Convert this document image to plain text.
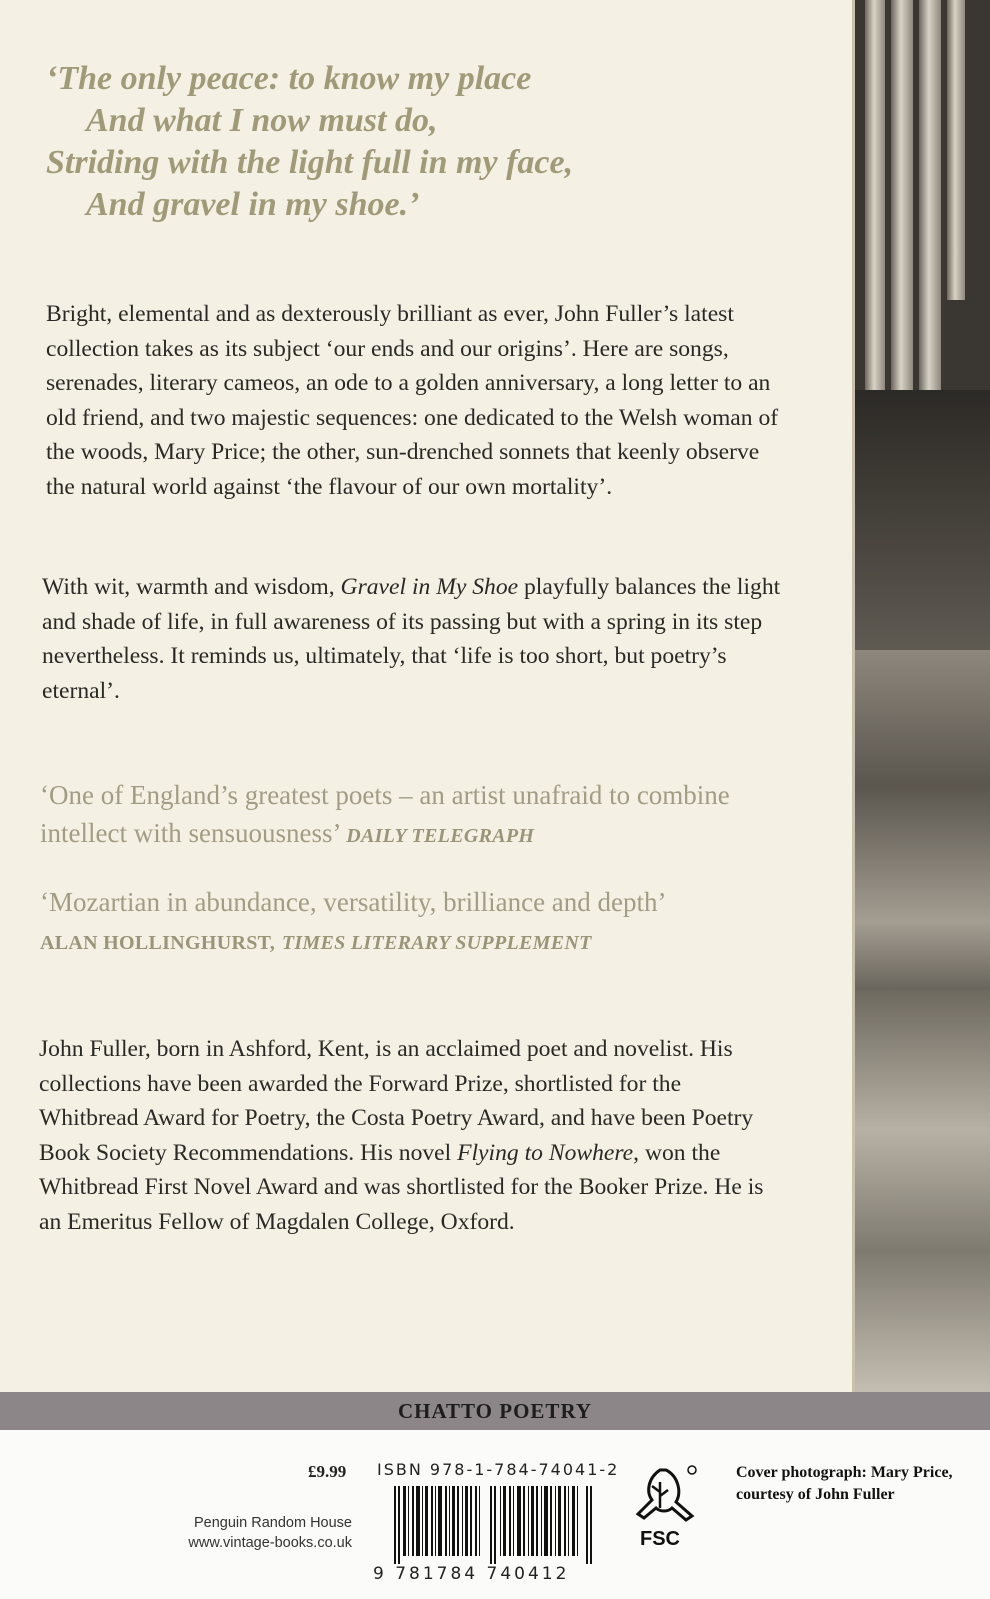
‘The only peace: to know my place
And what I now must do,
Striding with the light full in my face,
And gravel in my shoe.’

Bright, elemental and as dexterously brilliant as ever, John Fuller’s latest collection takes as its subject ‘our ends and our origins’. Here are songs, serenades, literary cameos, an ode to a golden anniversary, a long letter to an old friend, and two majestic sequences: one dedicated to the Welsh woman of the woods, Mary Price; the other, sun-drenched sonnets that keenly observe the natural world against ‘the flavour of our own mortality’.

With wit, warmth and wisdom, Gravel in My Shoe playfully balances the light and shade of life, in full awareness of its passing but with a spring in its step nevertheless. It reminds us, ultimately, that ‘life is too short, but poetry’s eternal’.

‘One of England’s greatest poets – an artist unafraid to combine intellect with sensuousness’ DAILY TELEGRAPH
‘Mozartian in abundance, versatility, brilliance and depth’
ALAN HOLLINGHURST, TIMES LITERARY SUPPLEMENT

John Fuller, born in Ashford, Kent, is an acclaimed poet and novelist. His collections have been awarded the Forward Prize, shortlisted for the Whitbread Award for Poetry, the Costa Poetry Award, and have been Poetry Book Society Recommendations. His novel Flying to Nowhere, won the Whitbread First Novel Award and was shortlisted for the Booker Prize. He is an Emeritus Fellow of Magdalen College, Oxford.

CHATTO POETRY
£9.99 ISBN 978-1-784-74041-2
9 781784 740412
Penguin Random House
www.vintage-books.co.uk	FSC
Cover photograph: Mary Price,
courtesy of John Fuller
